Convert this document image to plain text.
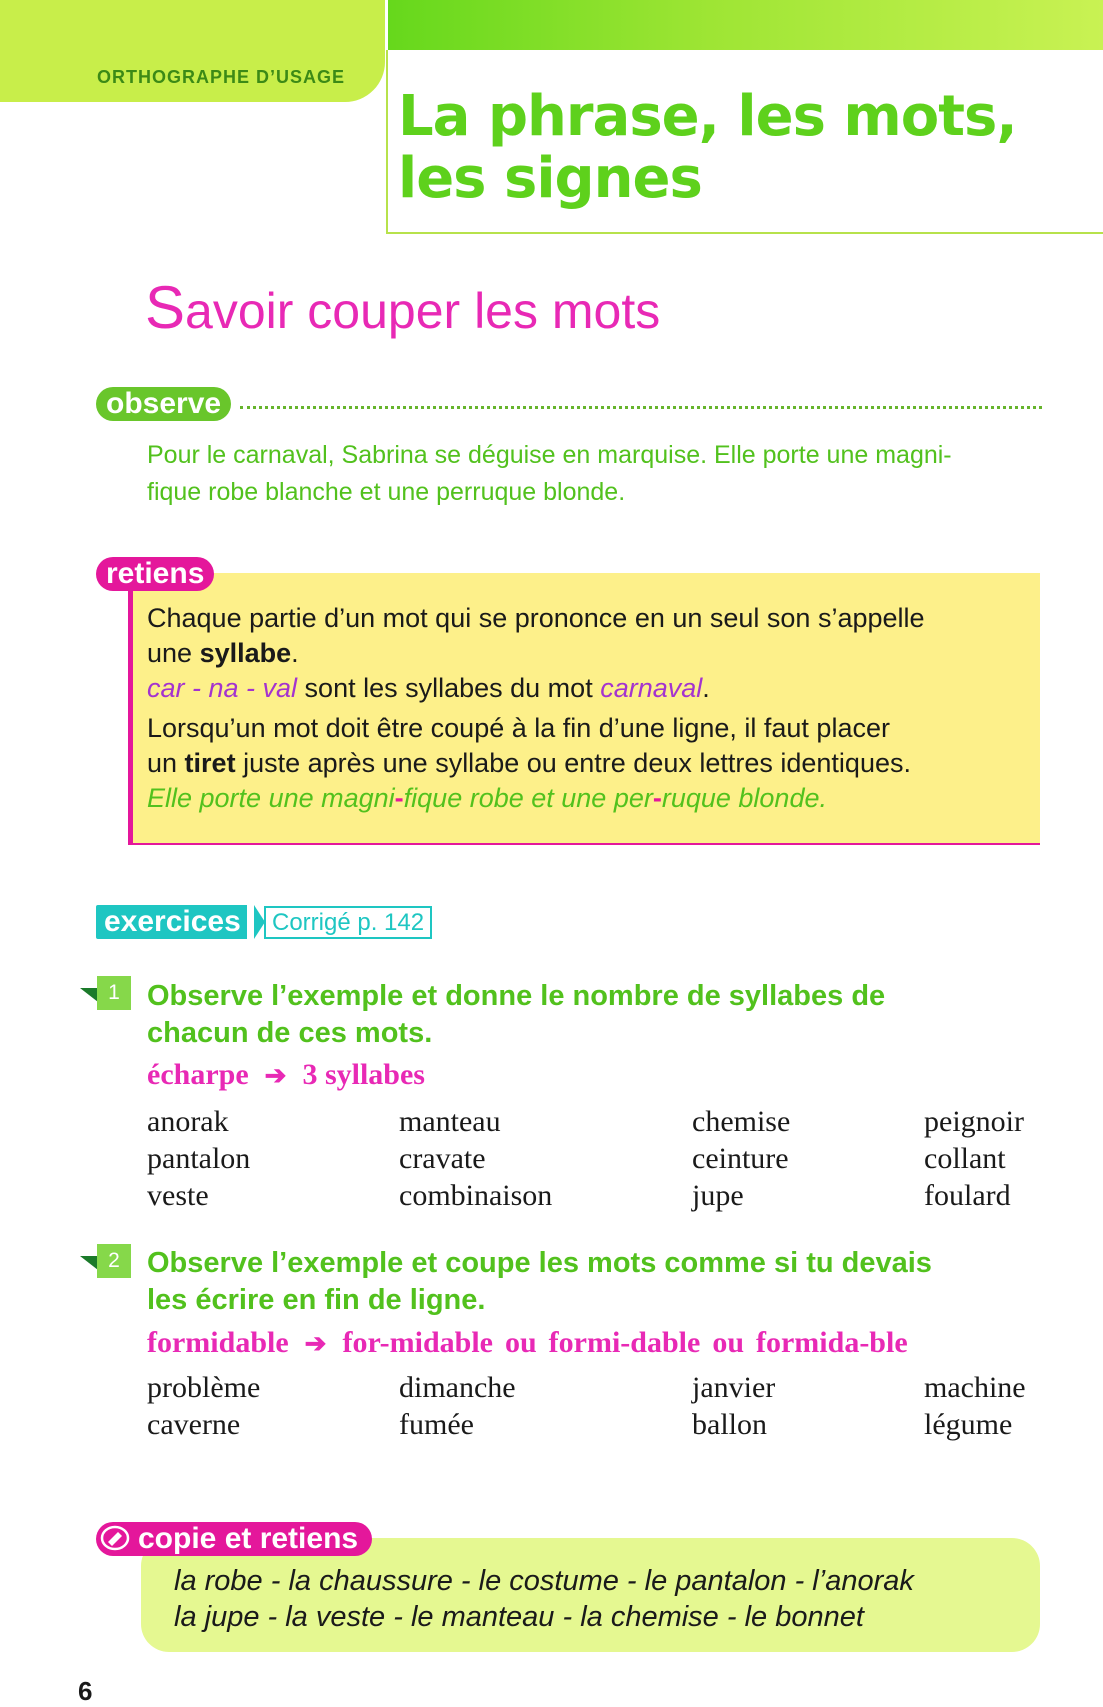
ORTHOGRAPHE D’USAGE
La phrase, les mots,
les signes
Savoir couper les mots
observe
Pour le carnaval, Sabrina se déguise en marquise. Elle porte une magni-
fique robe blanche et une perruque blonde.
retiens
Chaque partie d’un mot qui se prononce en un seul son s’appelle
une syllabe.
car - na - val sont les syllabes du mot carnaval.
Lorsqu’un mot doit être coupé à la fin d’une ligne, il faut placer
un tiret juste après une syllabe ou entre deux lettres identiques.
Elle porte une magni-fique robe et une per-ruque blonde.
exercices	Corrigé p. 142
1 Observe l’exemple et donne le nombre de syllabes de
chacun de ces mots.
écharpe ➔ 3 syllabes
anorak	manteau	chemise	peignoir
pantalon	cravate	ceinture	collant
veste	combinaison	jupe	foulard
2 Observe l’exemple et coupe les mots comme si tu devais
les écrire en fin de ligne.
formidable ➔ for-midable ou formi-dable ou formida-ble
problème	dimanche	janvier	machine
caverne	fumée	ballon	légume
copie et retiens
la robe - la chaussure - le costume - le pantalon - l’anorak
la jupe - la veste - le manteau - la chemise - le bonnet
6
